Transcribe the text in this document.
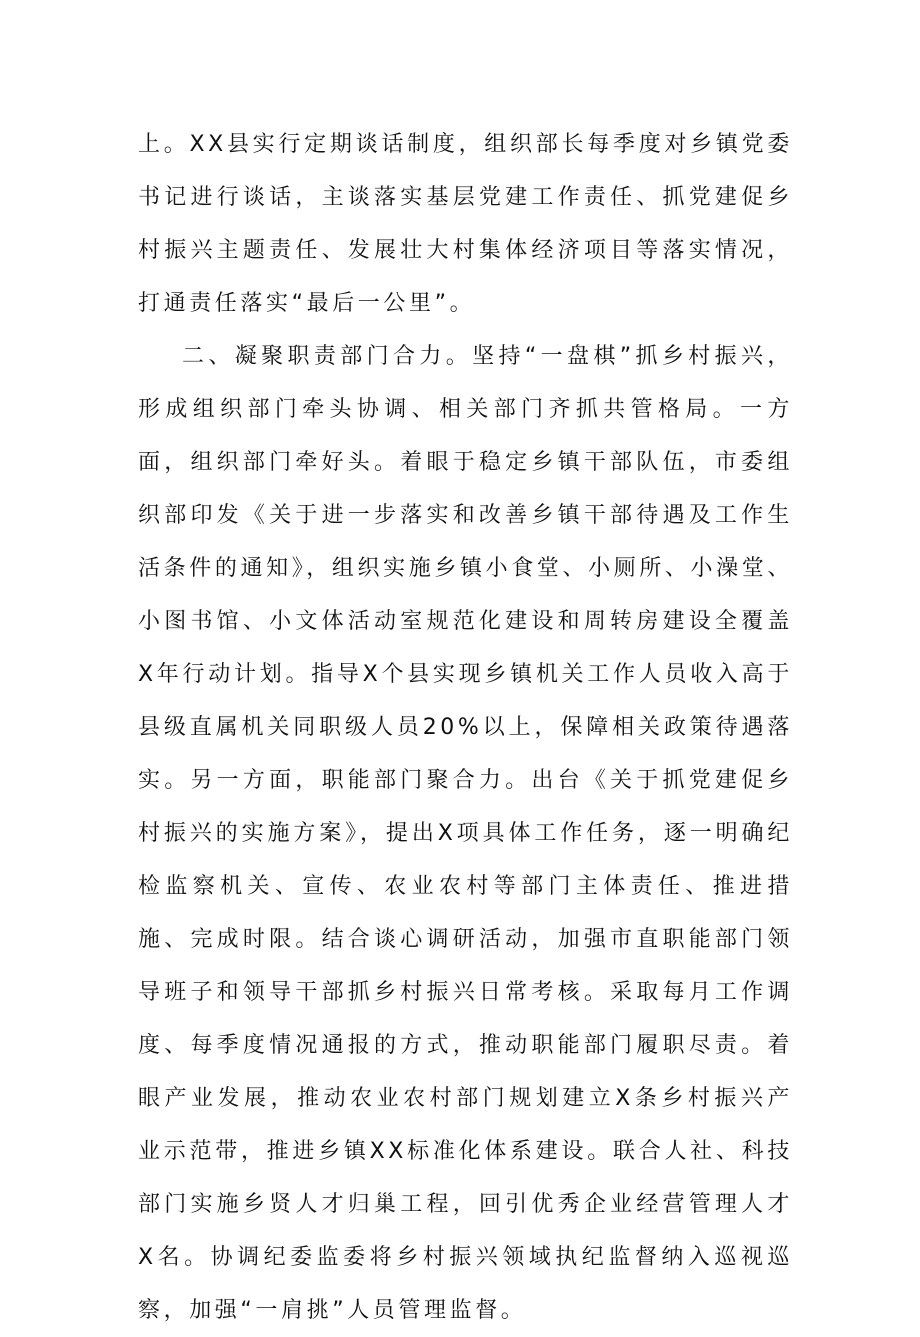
上。XX县实行定期谈话制度，组织部长每季度对乡镇党委书记进行谈话，主谈落实基层党建工作责任、抓党建促乡村振兴主题责任、发展壮大村集体经济项目等落实情况，打通责任落实“最后一公里”。

二、凝聚职责部门合力。坚持“一盘棋”抓乡村振兴，形成组织部门牵头协调、相关部门齐抓共管格局。一方面，组织部门牵好头。着眼于稳定乡镇干部队伍，市委组织部印发《关于进一步落实和改善乡镇干部待遇及工作生活条件的通知》，组织实施乡镇小食堂、小厕所、小澡堂、小图书馆、小文体活动室规范化建设和周转房建设全覆盖X年行动计划。指导X个县实现乡镇机关工作人员收入高于县级直属机关同职级人员20%以上，保障相关政策待遇落实。另一方面，职能部门聚合力。出台《关于抓党建促乡村振兴的实施方案》，提出X项具体工作任务，逐一明确纪检监察机关、宣传、农业农村等部门主体责任、推进措施、完成时限。结合谈心调研活动，加强市直职能部门领导班子和领导干部抓乡村振兴日常考核。采取每月工作调度、每季度情况通报的方式，推动职能部门履职尽责。着眼产业发展，推动农业农村部门规划建立X条乡村振兴产业示范带，推进乡镇XX标准化体系建设。联合人社、科技部门实施乡贤人才归巢工程，回引优秀企业经营管理人才X名。协调纪委监委将乡村振兴领域执纪监督纳入巡视巡察，加强“一肩挑”人员管理监督。
